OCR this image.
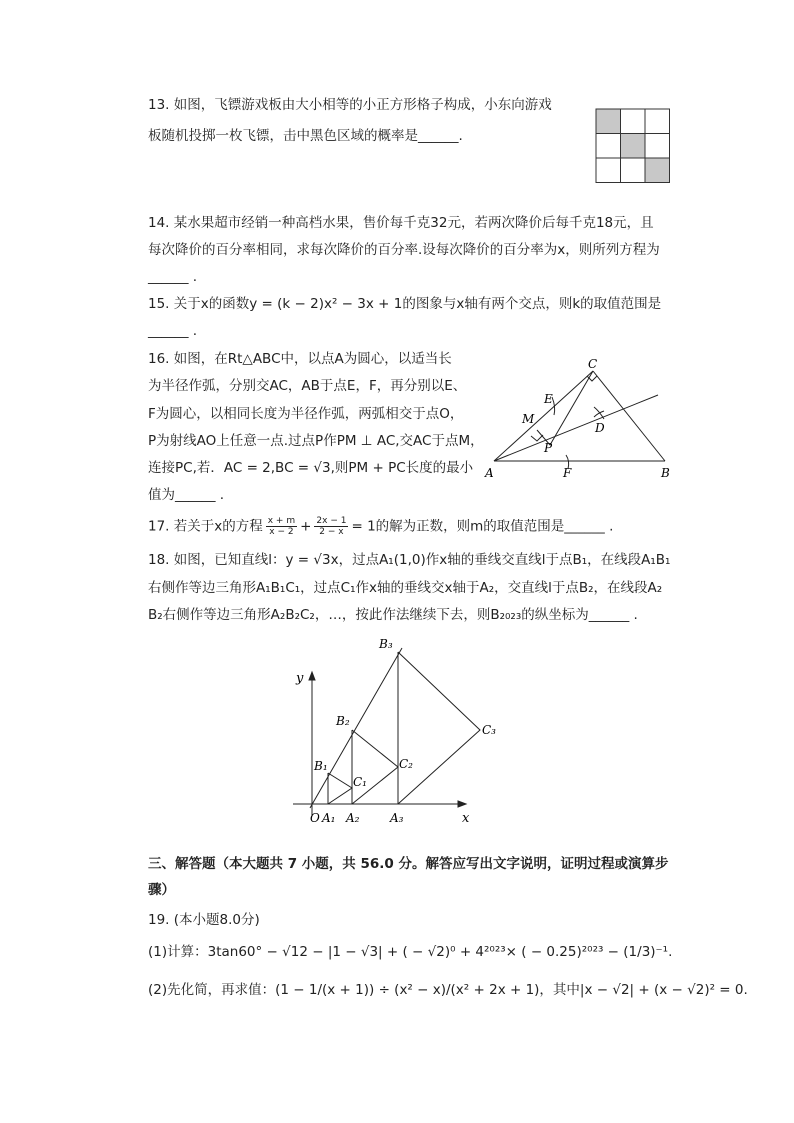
13. 如图，飞镖游戏板由大小相等的小正方形格子构成，小东向游戏
板随机投掷一枚飞镖，击中黑色区域的概率是______.
14. 某水果超市经销一种高档水果，售价每千克32元，若两次降价后每千克18元，且
每次降价的百分率相同，求每次降价的百分率.设每次降价的百分率为x，则所列方程为
______ .
15. 关于x的函数y = (k − 2)x² − 3x + 1的图象与x轴有两个交点，则k的取值范围是
______ .
16. 如图，在Rt△ABC中，以点A为圆心，以适当长
为半径作弧，分别交AC，AB于点E，F，再分别以E、
F为圆心，以相同长度为半径作弧，两弧相交于点O，
P为射线AO上任意一点.过点P作PM ⊥ AC,交AC于点M，
连接PC,若．AC = 2,BC = √3,则PM + PC长度的最小
值为______ .
C
E
M
D
P
A	F	B
17. 若关于x的方程 $\frac{x + m}{x - 2} + \frac{2x - 1}{2 - x} = 1$的解为正数，则m的取值范围是______ .
18. 如图，已知直线l：y = √3x，过点A₁(1,0)作x轴的垂线交直线l于点B₁，在线段A₁B₁
右侧作等边三角形A₁B₁C₁，过点C₁作x轴的垂线交x轴于A₂，交直线l于点B₂，在线段A₂
B₂右侧作等边三角形A₂B₂C₂，…，按此作法继续下去，则B₂₀₂₃的纵坐标为______ .
y
x
O A₁ A₂	A₃
B₁
B₂
B₃
C₁
C₂
C₃
三、解答题（本大题共 7 小题，共 56.0 分。解答应写出文字说明，证明过程或演算步
骤）
19. (本小题8.0分)
(1)计算：3tan60° − √12 − |1 − √3| + ( − √2)⁰ + 4²⁰²³× ( − 0.25)²⁰²³ − (1/3)⁻¹.
(2)先化简，再求值：(1 − 1/(x + 1)) ÷ (x² − x)/(x² + 2x + 1)，其中|x − √2| + (x − √2)² = 0.
